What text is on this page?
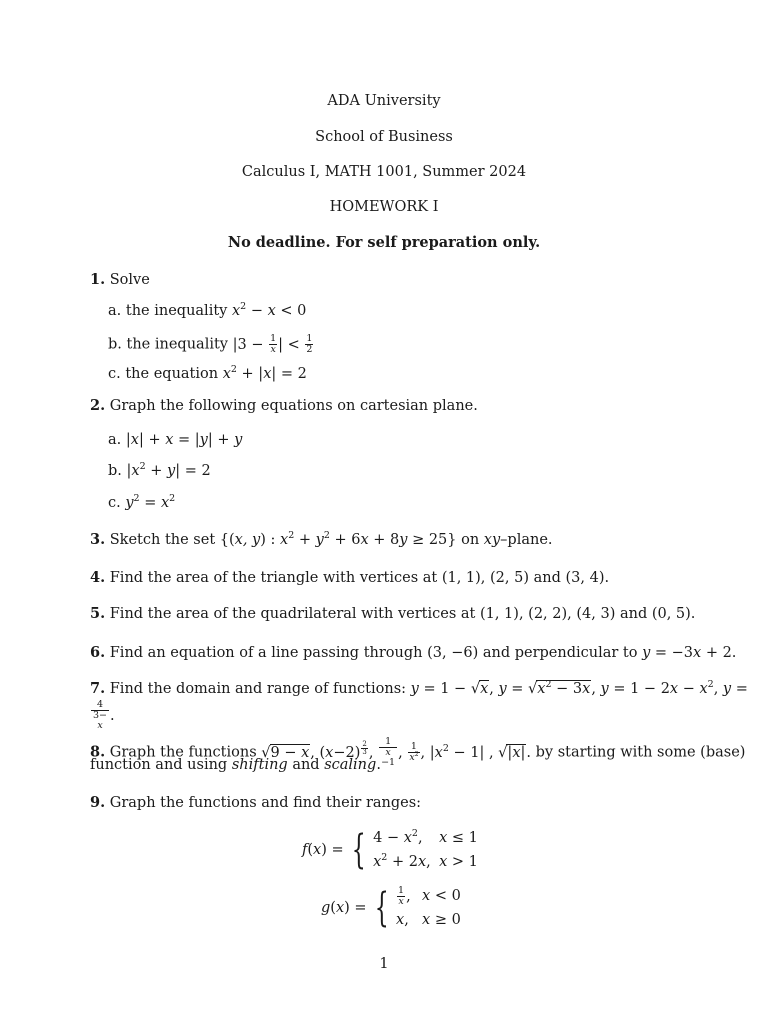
ADA University
School of Business
Calculus I, MATH 1001, Summer 2024
HOMEWORK I
No deadline. For self preparation only.
1. Solve
a. the inequality $x^2 - x < 0$
b. the inequality $|3 - \frac{1}{x}$ | < $\frac{1}{2}$
c. the equation $x^2 + |x| = 2$
2. Graph the following equations on cartesian plane.
a. |x| + x = |y| + y
b. $|x^2 + y| = 2$
c. $y^2 = x^2$
3. Sketch the set {(x, y) : $x^2 + y^2 + 6x + 8y \ge 25$} on xy–plane.
4. Find the area of the triangle with vertices at (1, 1), (2, 5) and (3, 4).
5. Find the area of the quadrilateral with vertices at (1, 1), (2, 2), (4, 3) and (0, 5).
6. Find an equation of a line passing through (3, −6) and perpendicular to y = −3x + 2.
7. Find the domain and range of functions: y = 1 − √x, $y = √x^2 - 3x$, $y = 1 - 2x - x^2$, y =
4
3−
x .
8. Graph the functions √9 − x, (x−2) $^{\frac{2}{3}}$ , 1
x
−1 , $\frac{1}{x^2}$ , $|x^2 - 1|$ , √|x|. by starting with some (base)
function and using shifting and scaling.
9. Graph the functions and find their ranges:
f(x) = { $4 - x^2$,	x ≤ 1
$x^2 + 2x$, x > 1
g(x) = { $\frac{1}{x}$ , x < 0
x, x ≥ 0
1
